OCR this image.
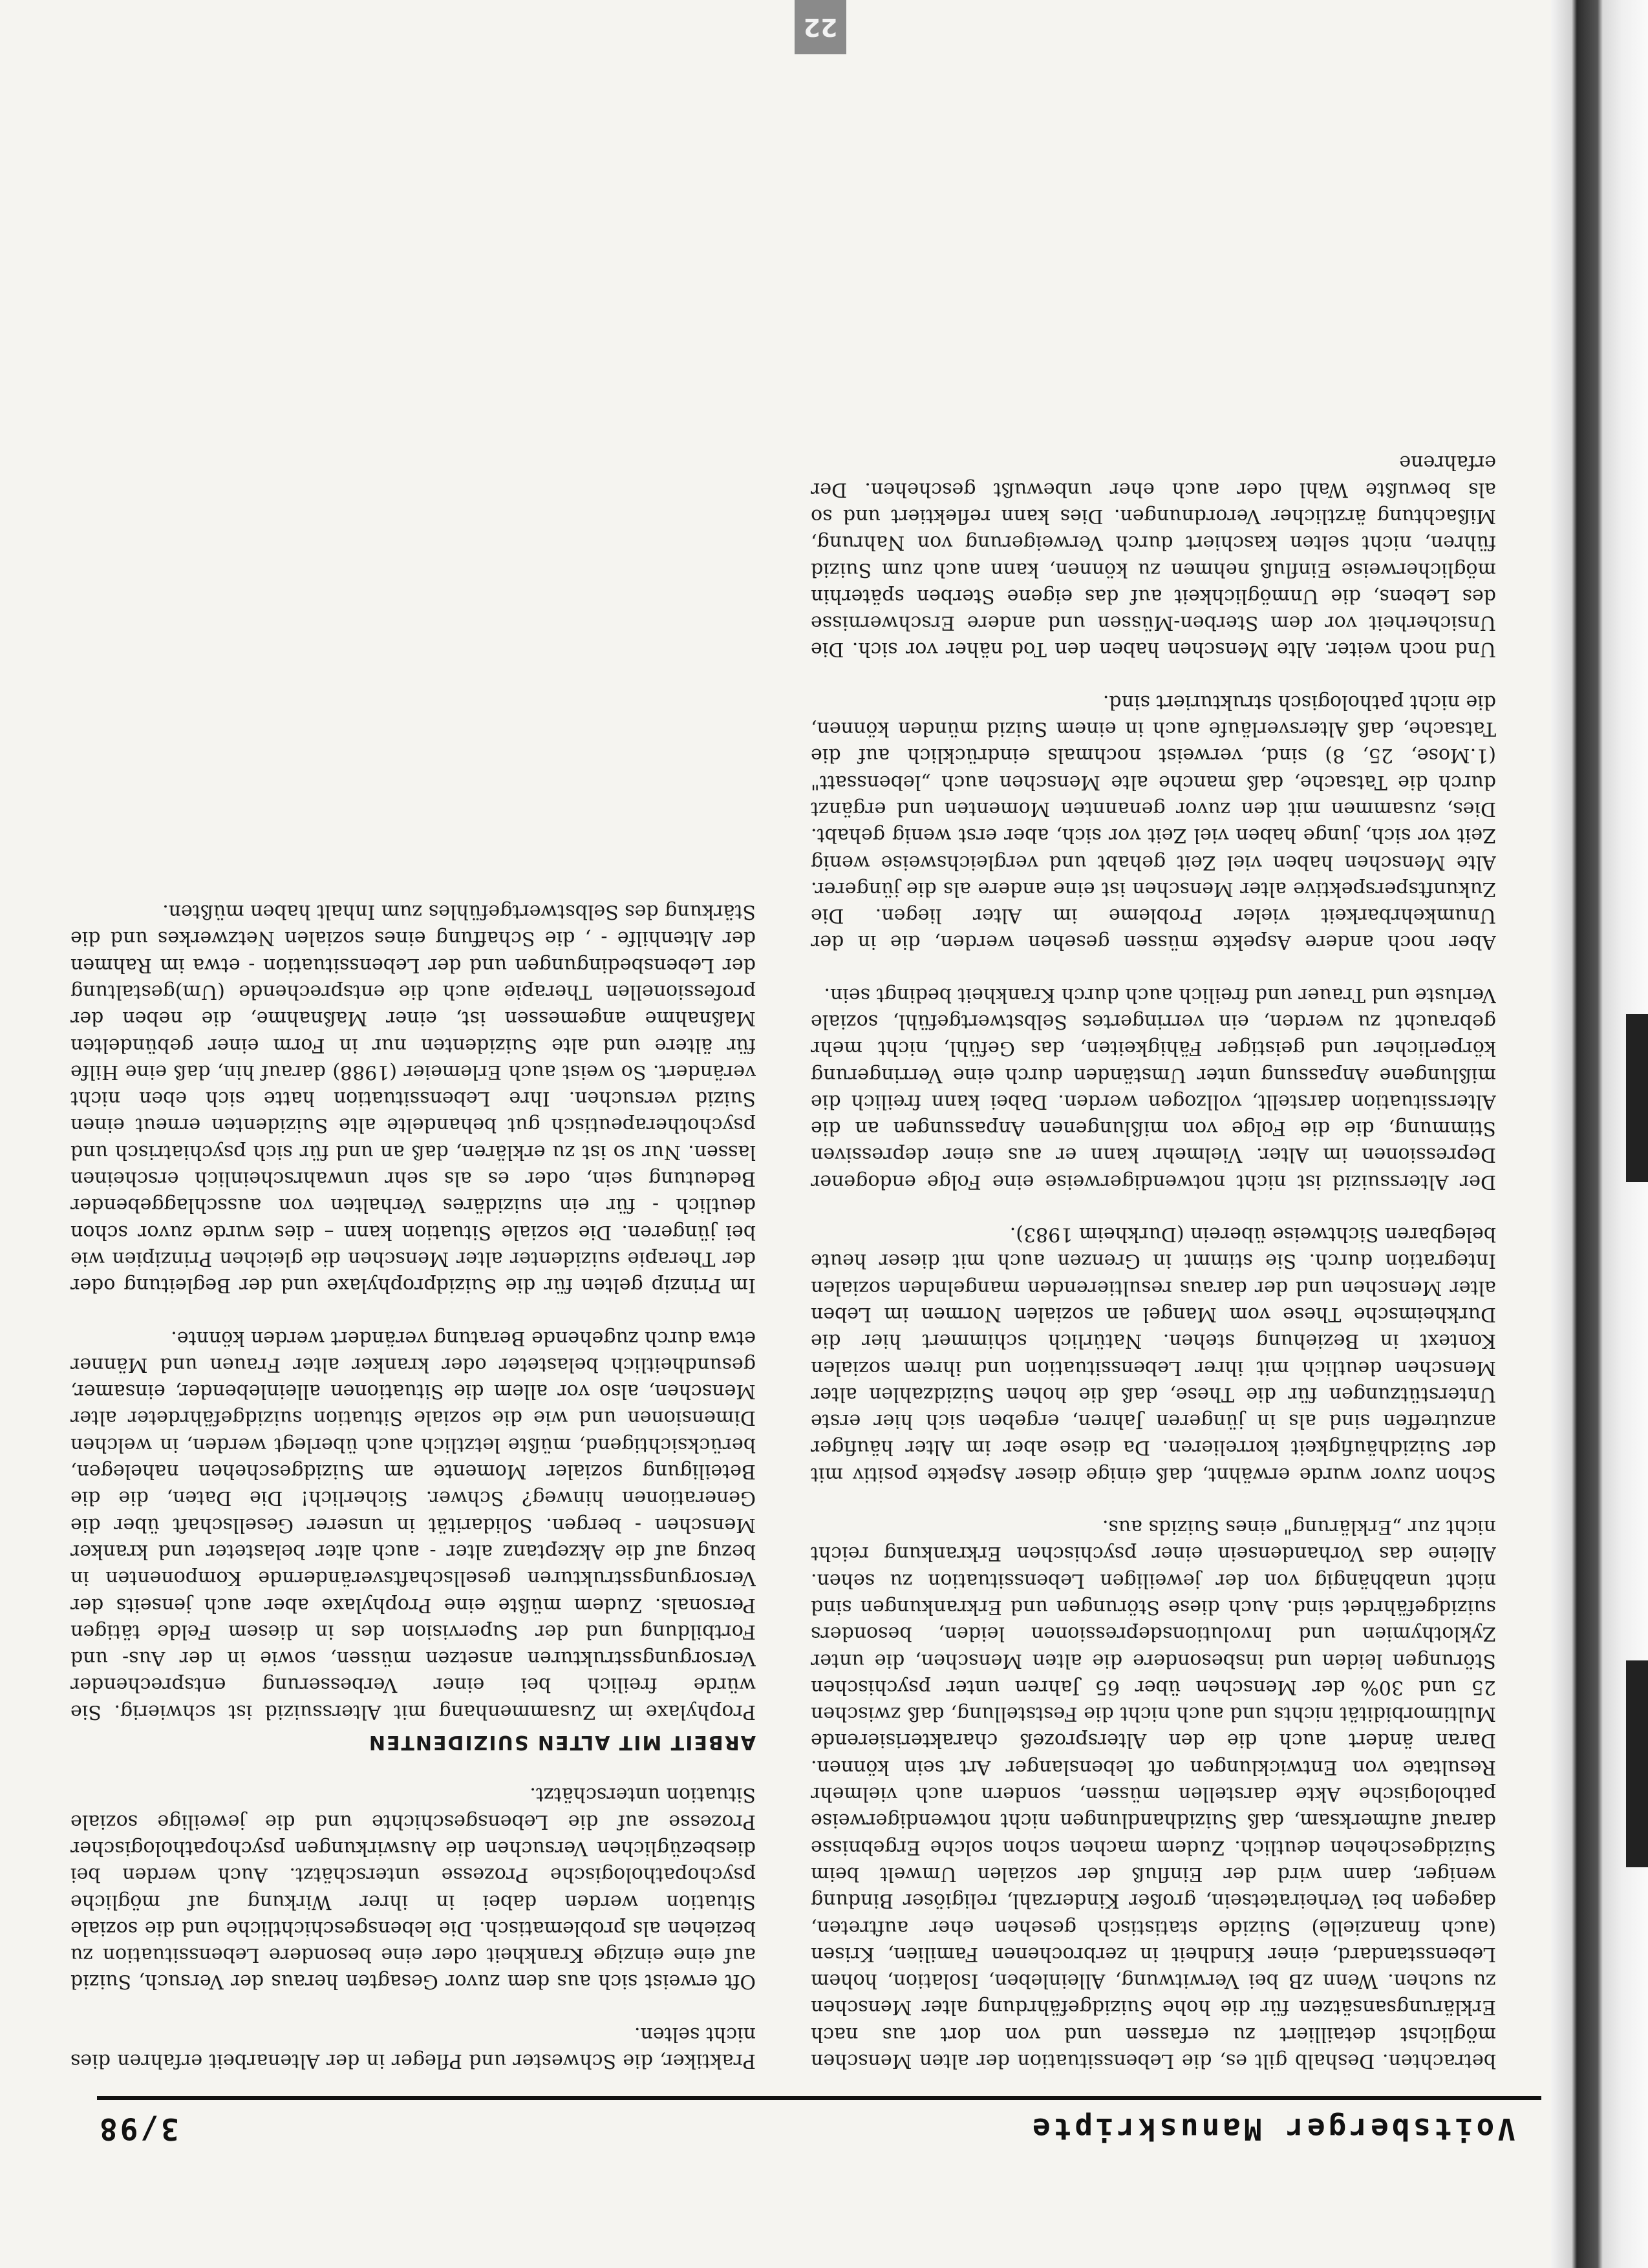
Voitsberger Manuskripte
3/98

betrachten. Deshalb gilt es, die Lebenssituation der alten Menschen möglichst detailliert zu erfassen und von dort aus nach Erklärungsansätzen für die hohe Suizidgefährdung alter Menschen zu suchen. Wenn zB bei Verwitwung, Alleinleben, Isolation, hohem Lebensstandard, einer Kindheit in zerbrochenen Familien, Krisen (auch finanzielle) Suizide statistisch gesehen eher auftreten, dagegen bei Verheiratetsein, großer Kinderzahl, religiöser Bindung weniger, dann wird der Einfluß der sozialen Umwelt beim Suizidgeschehen deutlich. Zudem machen schon solche Ergebnisse darauf aufmerksam, daß Suizidhandlungen nicht notwendigerweise pathologische Akte darstellen müssen, sondern auch vielmehr Resultate von Entwicklungen oft lebenslanger Art sein können. Daran ändert auch die den Altersprozeß charakterisierende Multimorbidität nichts und auch nicht die Feststellung, daß zwischen 25 und 30% der Menschen über 65 Jahren unter psychischen Störungen leiden und insbesondere die alten Menschen, die unter Zyklothymien und Involutionsdepressionen leiden, besonders suizidgefährdet sind. Auch diese Störungen und Erkrankungen sind nicht unabhängig von der jeweiligen Lebenssituation zu sehen. Alleine das Vorhandensein einer psychischen Erkrankung reicht nicht zur „Erklärung" eines Suizids aus.

Schon zuvor wurde erwähnt, daß einige dieser Aspekte positiv mit der Suizidhäufigkeit korrelieren. Da diese aber im Alter häufiger anzutreffen sind als in jüngeren Jahren, ergeben sich hier erste Unterstützungen für die These, daß die hohen Suizidzahlen alter Menschen deutlich mit ihrer Lebenssituation und ihrem sozialen Kontext in Beziehung stehen. Natürlich schimmert hier die Durkheimsche These vom Mangel an sozialen Normen im Leben alter Menschen und der daraus resultierenden mangelnden sozialen Integration durch. Sie stimmt in Grenzen auch mit dieser heute belegbaren Sichtweise überein (Durkheim 1983).

Der Alterssuizid ist nicht notwendigerweise eine Folge endogener Depressionen im Alter. Vielmehr kann er aus einer depressiven Stimmung, die die Folge von mißlungenen Anpassungen an die Alterssituation darstellt, vollzogen werden. Dabei kann freilich die mißlungene Anpassung unter Umständen durch eine Verringerung körperlicher und geistiger Fähigkeiten, das Gefühl, nicht mehr gebraucht zu werden, ein verringertes Selbstwertgefühl, soziale Verluste und Trauer und freilich auch durch Krankheit bedingt sein.

Aber noch andere Aspekte müssen gesehen werden, die in der Unumkehrbarkeit vieler Probleme im Alter liegen. Die Zukunftsperspektive alter Menschen ist eine andere als die jüngerer. Alte Menschen haben viel Zeit gehabt und vergleichsweise wenig Zeit vor sich, junge haben viel Zeit vor sich, aber erst wenig gehabt. Dies, zusammen mit den zuvor genannten Momenten und ergänzt durch die Tatsache, daß manche alte Menschen auch „lebenssatt" (1.Mose, 25, 8) sind, verweist nochmals eindrücklich auf die Tatsache, daß Altersverläufe auch in einem Suizid münden können, die nicht pathologisch strukturiert sind.

Und noch weiter. Alte Menschen haben den Tod näher vor sich. Die Unsicherheit vor dem Sterben-Müssen und andere Erschwernisse des Lebens, die Unmöglichkeit auf das eigene Sterben späterhin möglicherweise Einfluß nehmen zu können, kann auch zum Suizid führen, nicht selten kaschiert durch Verweigerung von Nahrung, Mißachtung ärztlicher Verordnungen. Dies kann reflektiert und so als bewußte Wahl oder auch eher unbewußt geschehen. Der erfahrene

Praktiker, die Schwester und Pfleger in der Altenarbeit erfahren dies nicht selten.

Oft erweist sich aus dem zuvor Gesagten heraus der Versuch, Suizid auf eine einzige Krankheit oder eine besondere Lebenssituation zu beziehen als problematisch. Die lebensgeschichtliche und die soziale Situation werden dabei in ihrer Wirkung auf mögliche psychopathologische Prozesse unterschätzt. Auch werden bei diesbezüglichen Versuchen die Auswirkungen psychopathologischer Prozesse auf die Lebensgeschichte und die jeweilige soziale Situation unterschätzt.

ARBEIT MIT ALTEN SUIZIDENTEN

Prophylaxe im Zusammenhang mit Alterssuizid ist schwierig. Sie würde freilich bei einer Verbesserung entsprechender Versorgungsstrukturen ansetzen müssen, sowie in der Aus- und Fortbildung und der Supervision des in diesem Felde tätigen Personals. Zudem müßte eine Prophylaxe aber auch jenseits der Versorgungsstrukturen gesellschaftsverändernde Komponenten in bezug auf die Akzeptanz alter - auch alter belasteter und kranker Menschen - bergen. Solidarität in unserer Gesellschaft über die Generationen hinweg? Schwer. Sicherlich! Die Daten, die die Beteiligung sozialer Momente am Suizidgeschehen nahelegen, berücksichtigend, müßte letztlich auch überlegt werden, in welchen Dimensionen und wie die soziale Situation suizidgefährdeter alter Menschen, also vor allem die Situationen alleinlebender, einsamer, gesundheitlich belasteter oder kranker alter Frauen und Männer etwa durch zugehende Beratung verändert werden könnte.

Im Prinzip gelten für die Suizidprophylaxe und der Begleitung oder der Therapie suizidenter alter Menschen die gleichen Prinzipien wie bei jüngeren. Die soziale Situation kann – dies wurde zuvor schon deutlich - für ein suizidäres Verhalten von ausschlaggebender Bedeutung sein, oder es als sehr unwahrscheinlich erscheinen lassen. Nur so ist zu erklären, daß an und für sich psychiatrisch und psychotherapeutisch gut behandelte alte Suizidenten erneut einen Suizid versuchen. Ihre Lebenssituation hatte sich eben nicht verändert. So weist auch Erlemeier (1988) darauf hin, daß eine Hilfe für ältere und alte Suizidenten nur in Form einer gebündelten Maßnahme angemessen ist, einer Maßnahme, die neben der professionellen Therapie auch die entsprechende (Um)gestaltung der Lebensbedingungen und der Lebenssituation - etwa im Rahmen der Altenhilfe - , die Schaffung eines sozialen Netzwerkes und die Stärkung des Selbstwertgefühles zum Inhalt haben müßten.

22
